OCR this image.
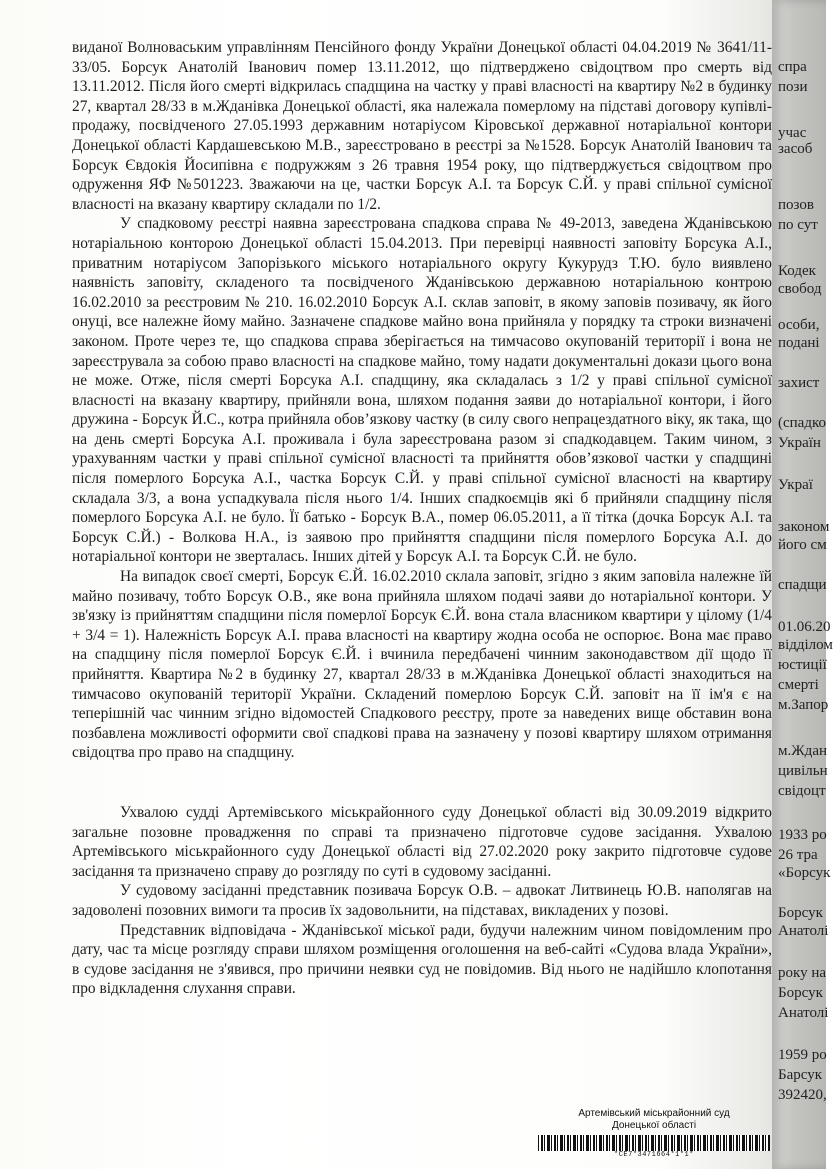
виданої Волноваським управлінням Пенсійного фонду України Донецької області 04.04.2019 № 3641/11-33/05. Борсук Анатолій Іванович помер 13.11.2012, що підтверджено свідоцтвом про смерть від 13.11.2012. Після його смерті відкрилась спадщина на частку у праві власності на квартиру №2 в будинку 27, квартал 28/33 в м.Жданівка Донецької області, яка належала померлому на підставі договору купівлі-продажу, посвідченого 27.05.1993 державним нотаріусом Кіровської державної нотаріальної контори Донецької області Кардашевською М.В., зареєстровано в реєстрі за №1528. Борсук Анатолій Іванович та Борсук Євдокія Йосипівна є подружжям з 26 травня 1954 року, що підтверджується свідоцтвом про одруження ЯФ №501223. Зважаючи на це, частки Борсук А.І. та Борсук С.Й. у праві спільної сумісної власності на вказану квартиру складали по 1/2.

У спадковому реєстрі наявна зареєстрована спадкова справа № 49-2013, заведена Жданівською нотаріальною конторою Донецької області 15.04.2013. При перевірці наявності заповіту Борсука А.І., приватним нотаріусом Запорізького міського нотаріального округу Кукурудз Т.Ю. було виявлено наявність заповіту, складеного та посвідченого Жданівською державною нотаріальною контрою 16.02.2010 за реєстровим № 210. 16.02.2010 Борсук А.І. склав заповіт, в якому заповів позивачу, як його онуці, все належне йому майно. Зазначене спадкове майно вона прийняла у порядку та строки визначені законом. Проте через те, що спадкова справа зберігається на тимчасово окупованій території і вона не зареєструвала за собою право власності на спадкове майно, тому надати документальні докази цього вона не може. Отже, після смерті Борсука А.І. спадщину, яка складалась з 1/2 у праві спільної сумісної власності на вказану квартиру, прийняли вона, шляхом подання заяви до нотаріальної контори, і його дружина - Борсук Й.С., котра прийняла обов’язкову частку (в силу свого непрацездатного віку, як така, що на день смерті Борсука А.І. проживала і була зареєстрована разом зі спадкодавцем. Таким чином, з урахуванням частки у праві спільної сумісної власності та прийняття обов’язкової частки у спадщині після померлого Борсука А.І., частка Борсук С.Й. у праві спільної сумісної власності на квартиру складала 3/3, а вона успадкувала після нього 1/4. Інших спадкоємців які б прийняли спадщину після померлого Борсука А.І. не було. Її батько - Борсук В.А., помер 06.05.2011, а її тітка (дочка Борсук А.І. та Борсук С.Й.) - Волкова Н.А., із заявою про прийняття спадщини після померлого Борсука А.І. до нотаріальної контори не зверталась. Інших дітей у Борсук А.І. та Борсук С.Й. не було.

На випадок своєї смерті, Борсук Є.Й. 16.02.2010 склала заповіт, згідно з яким заповіла належне їй майно позивачу, тобто Борсук О.В., яке вона прийняла шляхом подачі заяви до нотаріальної контори. У зв'язку із прийняттям спадщини після померлої Борсук Є.Й. вона стала власником квартири у цілому (1/4 + 3/4 = 1). Належність Борсук А.І. права власності на квартиру жодна особа не оспорює. Вона має право на спадщину після померлої Борсук Є.Й. і вчинила передбачені чинним законодавством дії щодо її прийняття. Квартира №2 в будинку 27, квартал 28/33 в м.Жданівка Донецької області знаходиться на тимчасово окупованій території України. Складений померлою Борсук С.Й. заповіт на її ім'я є на теперішній час чинним згідно відомостей Спадкового реєстру, проте за наведених вище обставин вона позбавлена можливості оформити свої спадкові права на зазначену у позові квартиру шляхом отримання свідоцтва про право на спадщину.

Ухвалою судді Артемівського міськрайонного суду Донецької області від 30.09.2019 відкрито загальне позовне провадження по справі та призначено підготовче судове засідання. Ухвалою Артемівського міськрайонного суду Донецької області від 27.02.2020 року закрито підготовче судове засідання та призначено справу до розгляду по суті в судовому засіданні.

У судовому засіданні представник позивача Борсук О.В. – адвокат Литвинець Ю.В. наполягав на задоволені позовних вимоги та просив їх задовольнити, на підставах, викладених у позові.

Представник відповідача - Жданівської міської ради, будучи належним чином повідомленим про дату, час та місце розгляду справи шляхом розміщення оголошення на веб-сайті «Судова влада України», в судове засідання не з'явився, про причини неявки суд не повідомив. Від нього не надійшло клопотання про відкладення слухання справи.

спра
пози
учас
засоб
позов
по сут
Кодек
свобод
особи,
подані
захист
(спадко
Україн
Украї
законом
його см
спадщи
01.06.20
відділом
юстиції
смерті
м.Запор
м.Ждан
цивільн
свідоцт
1933 ро
26 тра
«Борсук
Борсук
Анатолі
року на
Борсук
Анатолі
1959 ро
Барсук
392420,
Артемівський міськрайонний суд
Донецької області
*СЕ7*3471664*1*1*
